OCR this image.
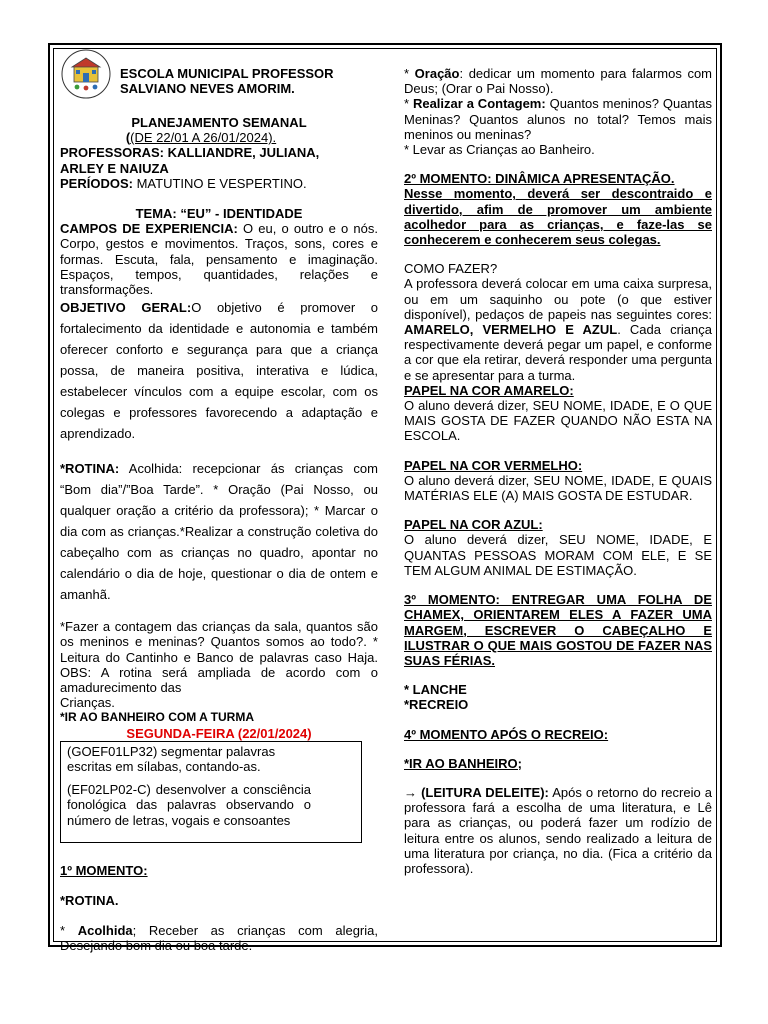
ESCOLA MUNICIPAL PROFESSOR

SALVIANO NEVES AMORIM.

PLANEJAMENTO SEMANAL

((DE 22/01 A 26/01/2024).

PROFESSORAS: KALLIANDRE, JULIANA, ARLEY E NAIUZA

PERÍODOS: MATUTINO E VESPERTINO.

TEMA: “EU” - IDENTIDADE

CAMPOS DE EXPERIENCIA: O eu, o outro e o nós. Corpo, gestos e movimentos. Traços, sons, cores e formas. Escuta, fala, pensamento e imaginação. Espaços, tempos, quantidades, relações e transformações.

OBJETIVO GERAL:O objetivo é promover o fortalecimento da identidade e autonomia e também oferecer conforto e segurança para que a criança possa, de maneira positiva, interativa e lúdica, estabelecer vínculos com a equipe escolar, com os colegas e professores favorecendo a adaptação e aprendizado.

*ROTINA: Acolhida: recepcionar ás crianças com “Bom dia”/”Boa Tarde”. * Oração (Pai Nosso, ou qualquer oração a critério da professora); * Marcar o dia com as crianças.*Realizar a construção coletiva do cabeçalho com as crianças no quadro, apontar no calendário o dia de hoje, questionar o dia de ontem e amanhã.

*Fazer a contagem das crianças da sala, quantos são os meninos e meninas? Quantos somos ao todo?. * Leitura do Cantinho e Banco de palavras caso Haja. OBS: A rotina será ampliada de acordo com o amadurecimento das

Crianças.

*IR AO BANHEIRO COM A TURMA

SEGUNDA-FEIRA (22/01/2024)

(GOEF01LP32) segmentar palavras escritas em sílabas, contando-as.

(EF02LP02-C) desenvolver a consciência fonológica das palavras observando o número de letras, vogais e consoantes

1º MOMENTO:

*ROTINA.

* Acolhida; Receber as crianças com alegria, Desejando bom dia ou boa tarde.

* Oração: dedicar um momento para falarmos com Deus; (Orar o Pai Nosso).

* Realizar a Contagem: Quantos meninos? Quantas Meninas? Quantos alunos no total? Temos mais meninos ou meninas?

* Levar as Crianças ao Banheiro.

2º MOMENTO: DINÂMICA APRESENTAÇÃO.

Nesse momento, deverá ser descontraido e divertido, afim de promover um ambiente acolhedor para as crianças, e faze-las se conhecerem e conhecerem seus colegas.

COMO FAZER?

A professora deverá colocar em uma caixa surpresa, ou em um saquinho ou pote (o que estiver disponível), pedaços de papeis nas seguintes cores: AMARELO, VERMELHO E AZUL. Cada criança respectivamente deverá pegar um papel, e conforme a cor que ela retirar, deverá responder uma pergunta e se apresentar para a turma.

PAPEL NA COR AMARELO:

O aluno deverá dizer, SEU NOME, IDADE, E O QUE MAIS GOSTA DE FAZER QUANDO NÃO ESTA NA ESCOLA.

PAPEL NA COR VERMELHO:

O aluno deverá dizer, SEU NOME, IDADE, E QUAIS MATÉRIAS ELE (A) MAIS GOSTA DE ESTUDAR.

PAPEL NA COR AZUL:

O aluno deverá dizer, SEU NOME, IDADE, E QUANTAS PESSOAS MORAM COM ELE, E SE TEM ALGUM ANIMAL DE ESTIMAÇÃO.

3º MOMENTO: ENTREGAR UMA FOLHA DE CHAMEX, ORIENTAREM ELES A FAZER UMA MARGEM, ESCREVER O CABEÇALHO E ILUSTRAR O QUE MAIS GOSTOU DE FAZER NAS SUAS FÉRIAS.

* LANCHE

*RECREIO

4º MOMENTO APÓS O RECREIO:

*IR AO BANHEIRO;

→ (LEITURA DELEITE): Após o retorno do recreio a professora fará a escolha de uma literatura, e Lê para as crianças, ou poderá fazer um rodízio de leitura entre os alunos, sendo realizado a leitura de uma literatura por criança, no dia. (Fica a critério da professora).
